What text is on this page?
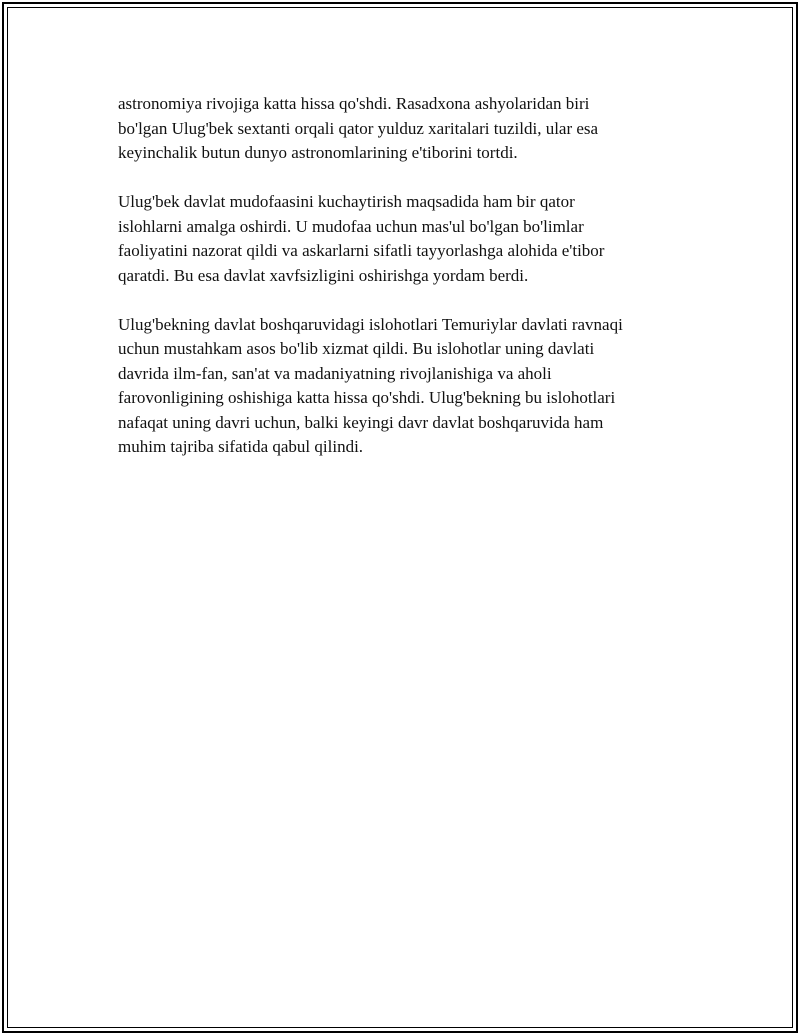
astronomiya rivojiga katta hissa qo'shdi. Rasadxona ashyolaridan biri
bo'lgan Ulug'bek sextanti orqali qator yulduz xaritalari tuzildi, ular esa
keyinchalik butun dunyo astronomlarining e'tiborini tortdi.

Ulug'bek davlat mudofaasini kuchaytirish maqsadida ham bir qator
islohlarni amalga oshirdi. U mudofaa uchun mas'ul bo'lgan bo'limlar
faoliyatini nazorat qildi va askarlarni sifatli tayyorlashga alohida e'tibor
qaratdi. Bu esa davlat xavfsizligini oshirishga yordam berdi.

Ulug'bekning davlat boshqaruvidagi islohotlari Temuriylar davlati ravnaqi
uchun mustahkam asos bo'lib xizmat qildi. Bu islohotlar uning davlati
davrida ilm-fan, san'at va madaniyatning rivojlanishiga va aholi
farovonligining oshishiga katta hissa qo'shdi. Ulug'bekning bu islohotlari
nafaqat uning davri uchun, balki keyingi davr davlat boshqaruvida ham
muhim tajriba sifatida qabul qilindi.
